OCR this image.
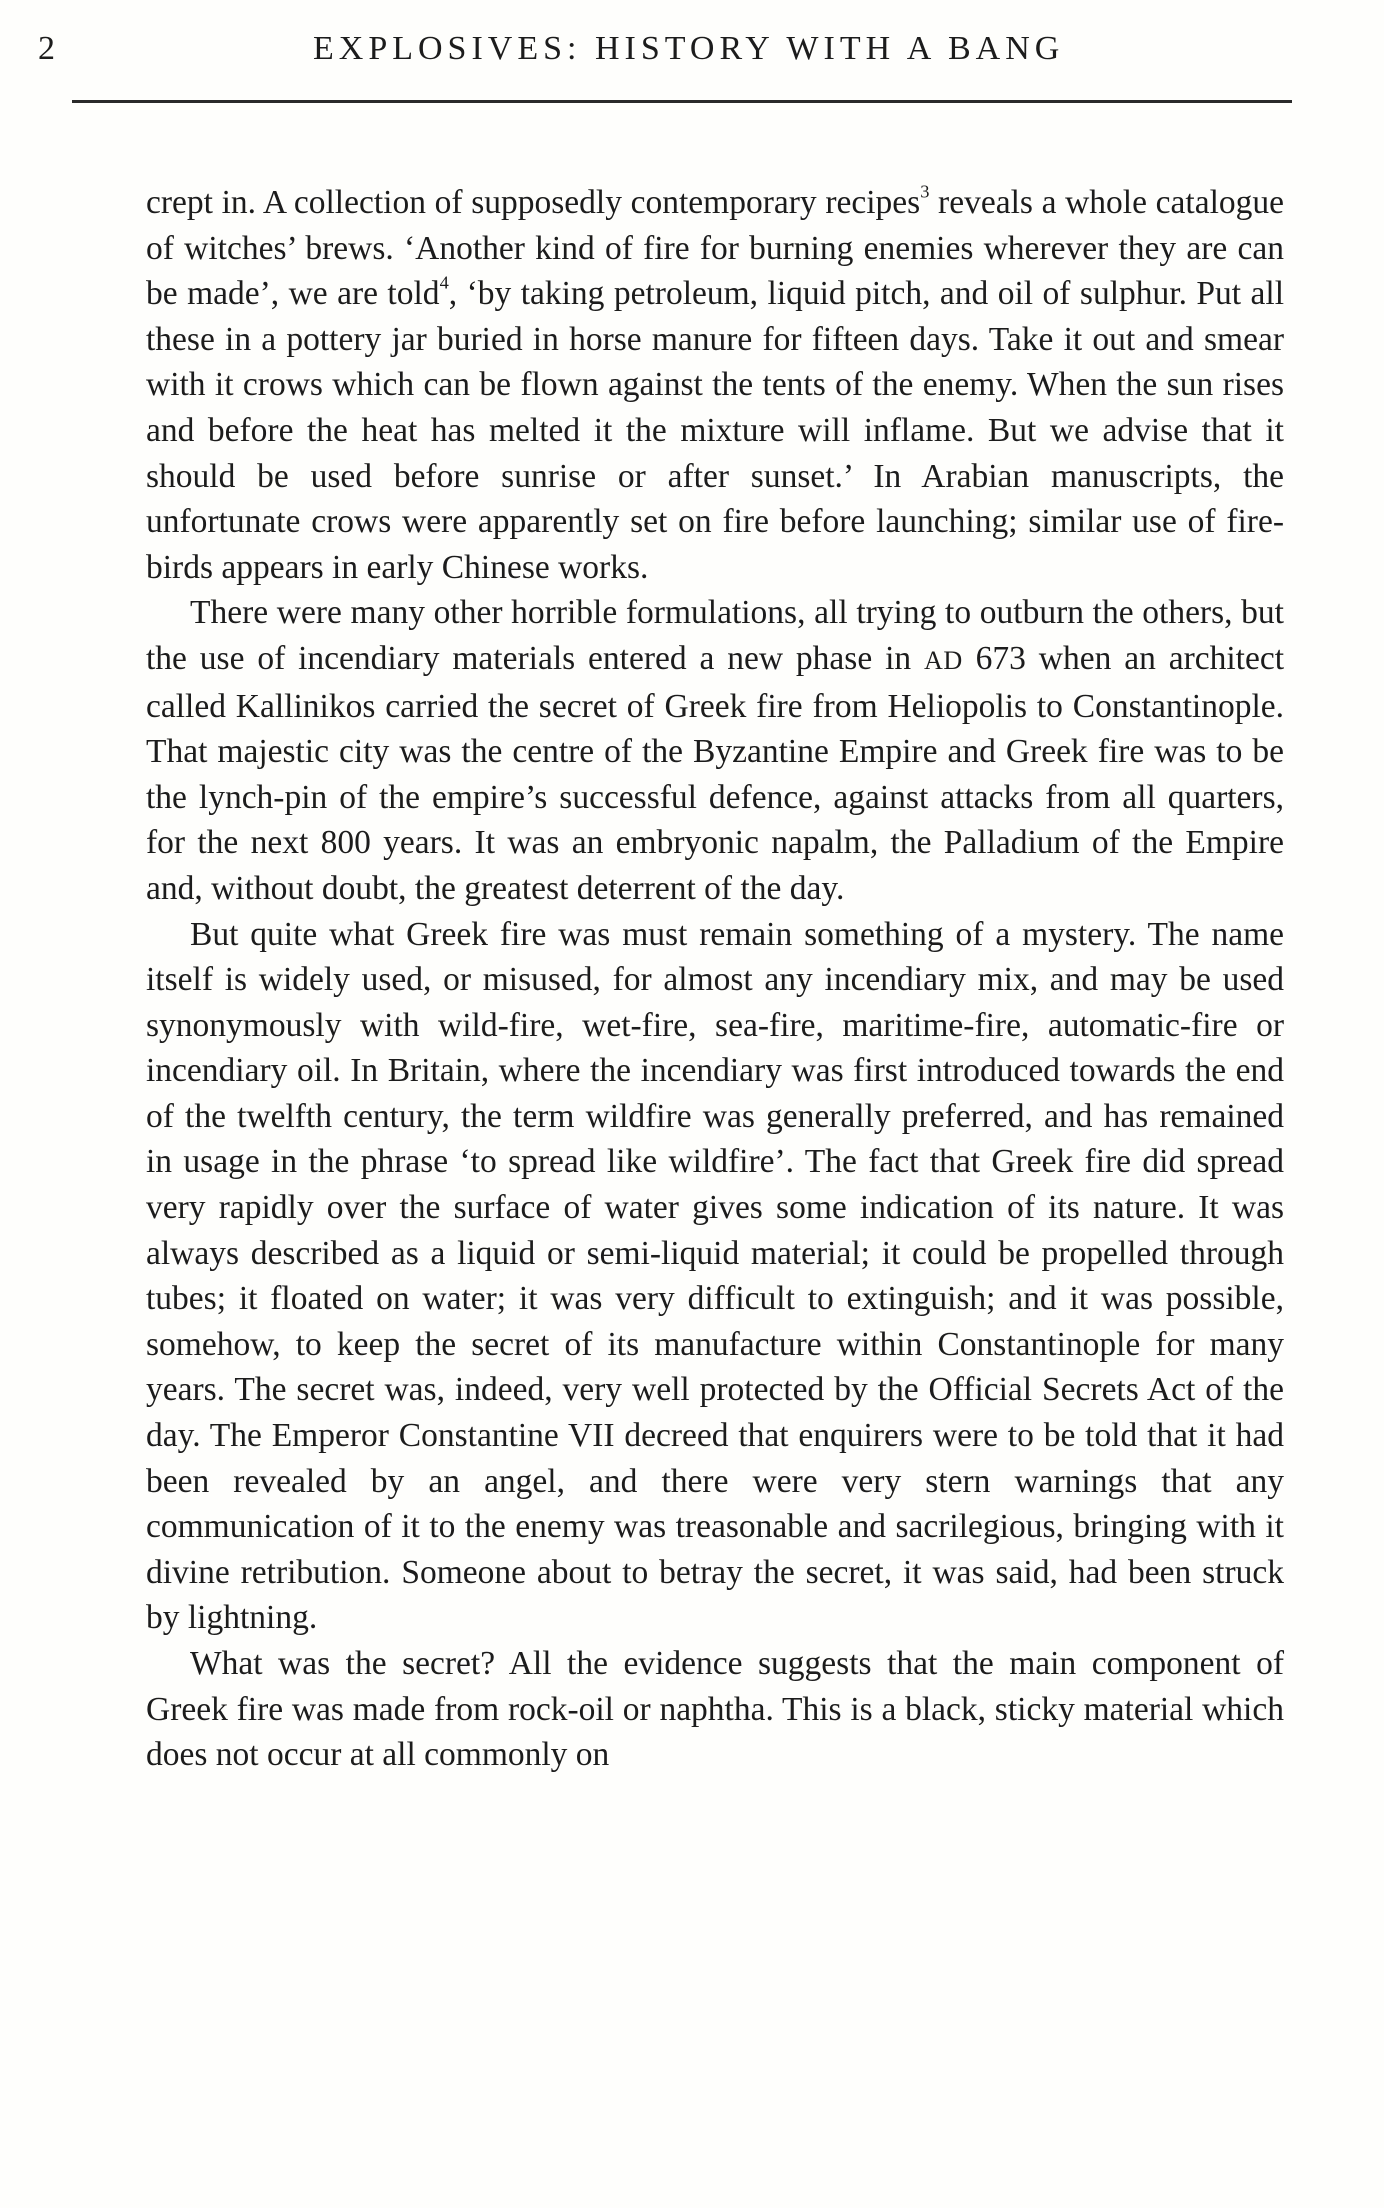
2	EXPLOSIVES: HISTORY WITH A BANG

crept in. A collection of supposedly contemporary recipes$^3$ reveals a whole catalogue of witches’ brews. ‘Another kind of fire for burning enemies wherever they are can be made’, we are told$^4$, ‘by taking petroleum, liquid pitch, and oil of sulphur. Put all these in a pottery jar buried in horse manure for fifteen days. Take it out and smear with it crows which can be flown against the tents of the enemy. When the sun rises and before the heat has melted it the mixture will inflame. But we advise that it should be used before sunrise or after sunset.’ In Arabian manuscripts, the unfortunate crows were apparently set on fire before launching; similar use of fire-birds appears in early Chinese works.

There were many other horrible formulations, all trying to outburn the others, but the use of incendiary materials entered a new phase in AD 673 when an architect called Kallinikos carried the secret of Greek fire from Heliopolis to Constantinople. That majestic city was the centre of the Byzantine Empire and Greek fire was to be the lynch-pin of the empire’s successful defence, against attacks from all quarters, for the next 800 years. It was an embryonic napalm, the Palladium of the Empire and, without doubt, the greatest deterrent of the day.

But quite what Greek fire was must remain something of a mystery. The name itself is widely used, or misused, for almost any incendiary mix, and may be used synonymously with wild-fire, wet-fire, sea-fire, maritime-fire, automatic-fire or incendiary oil. In Britain, where the incendiary was first introduced towards the end of the twelfth century, the term wildfire was generally preferred, and has remained in usage in the phrase ‘to spread like wildfire’. The fact that Greek fire did spread very rapidly over the surface of water gives some indication of its nature. It was always described as a liquid or semi-liquid material; it could be propelled through tubes; it floated on water; it was very difficult to extinguish; and it was possible, somehow, to keep the secret of its manufacture within Constantinople for many years. The secret was, indeed, very well protected by the Official Secrets Act of the day. The Emperor Constantine VII decreed that enquirers were to be told that it had been revealed by an angel, and there were very stern warnings that any communication of it to the enemy was treasonable and sacrilegious, bringing with it divine retribution. Someone about to betray the secret, it was said, had been struck by lightning.

What was the secret? All the evidence suggests that the main component of Greek fire was made from rock-oil or naphtha. This is a black, sticky material which does not occur at all commonly on
